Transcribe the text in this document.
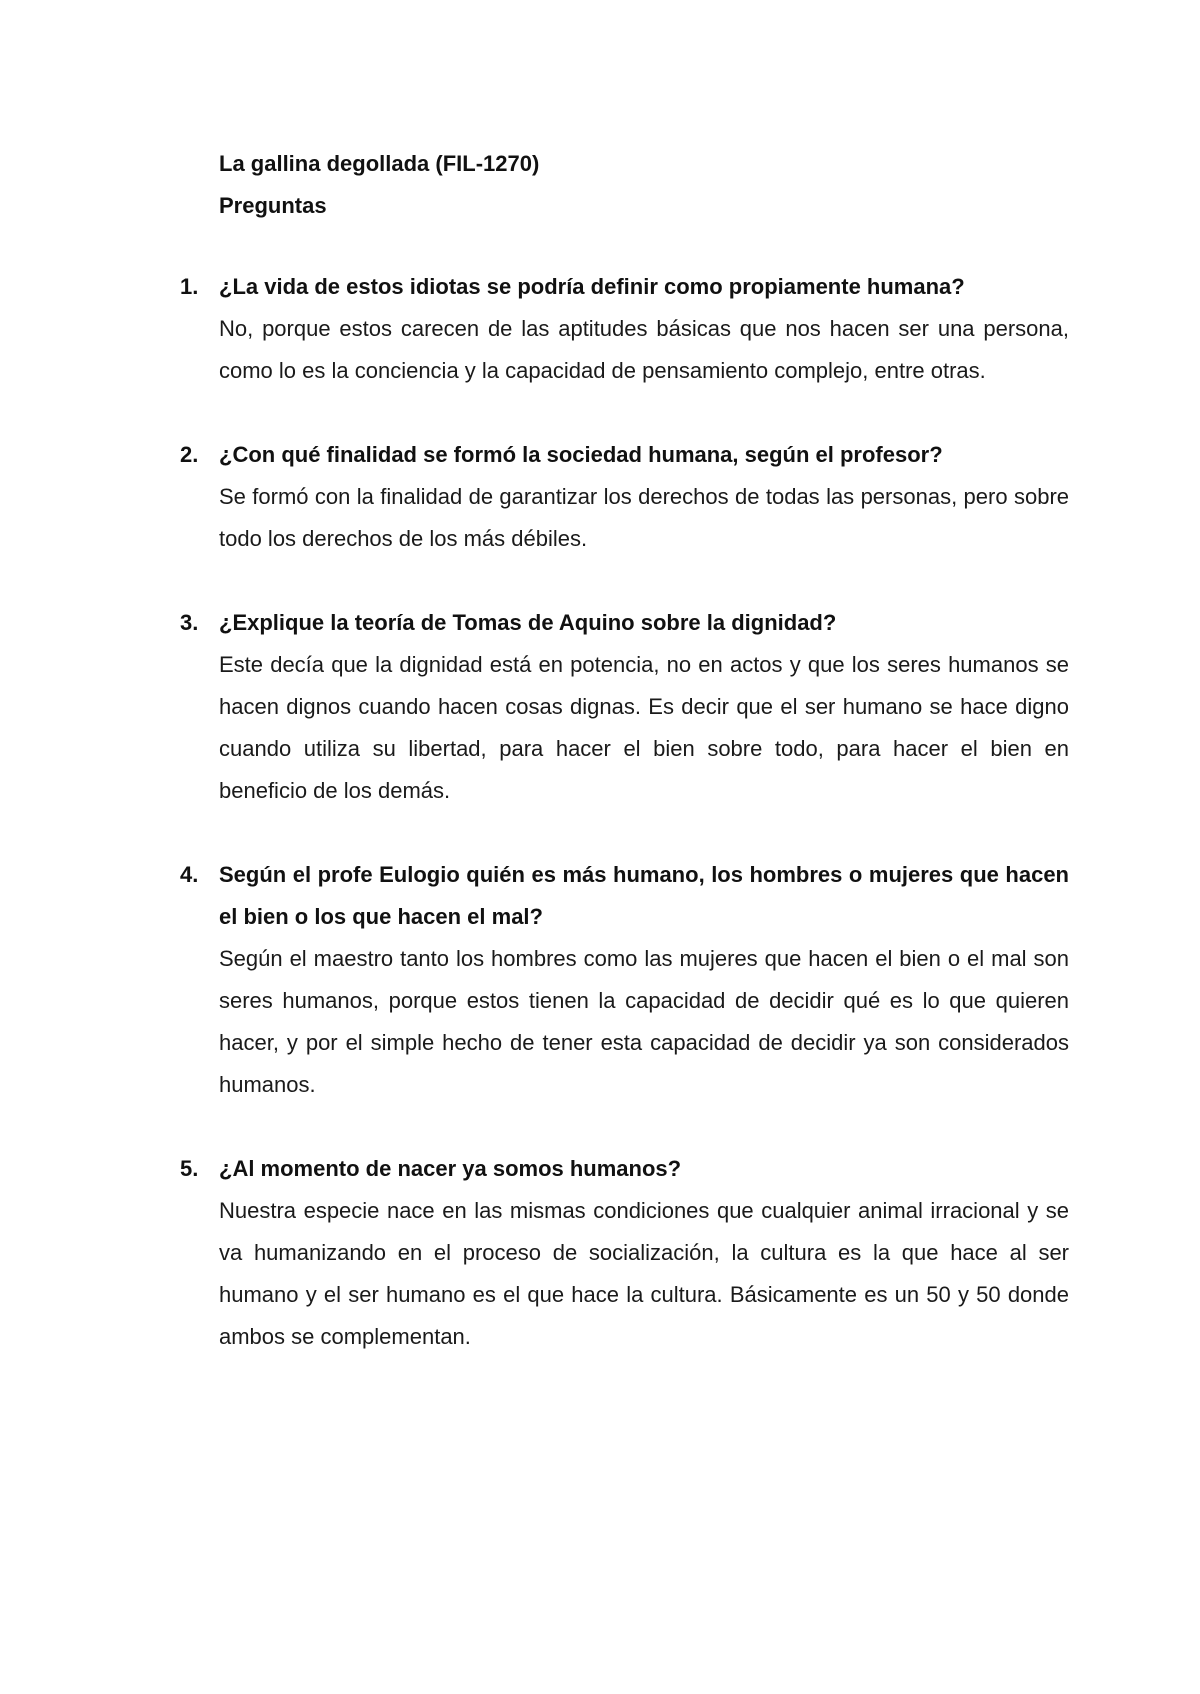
La gallina degollada (FIL-1270)

Preguntas

1. ¿La vida de estos idiotas se podría definir como propiamente humana?

No, porque estos carecen de las aptitudes básicas que nos hacen ser una persona, como lo es la conciencia y la capacidad de pensamiento complejo, entre otras.

2. ¿Con qué finalidad se formó la sociedad humana, según el profesor?

Se formó con la finalidad de garantizar los derechos de todas las personas, pero sobre todo los derechos de los más débiles.

3. ¿Explique la teoría de Tomas de Aquino sobre la dignidad?

Este decía que la dignidad está en potencia, no en actos y que los seres humanos se hacen dignos cuando hacen cosas dignas. Es decir que el ser humano se hace digno cuando utiliza su libertad, para hacer el bien sobre todo, para hacer el bien en beneficio de los demás.

4. Según el profe Eulogio quién es más humano, los hombres o mujeres que hacen el bien o los que hacen el mal?

Según el maestro tanto los hombres como las mujeres que hacen el bien o el mal son seres humanos, porque estos tienen la capacidad de decidir qué es lo que quieren hacer, y por el simple hecho de tener esta capacidad de decidir ya son considerados humanos.

5. ¿Al momento de nacer ya somos humanos?

Nuestra especie nace en las mismas condiciones que cualquier animal irracional y se va humanizando en el proceso de socialización, la cultura es la que hace al ser humano y el ser humano es el que hace la cultura. Básicamente es un 50 y 50 donde ambos se complementan.
